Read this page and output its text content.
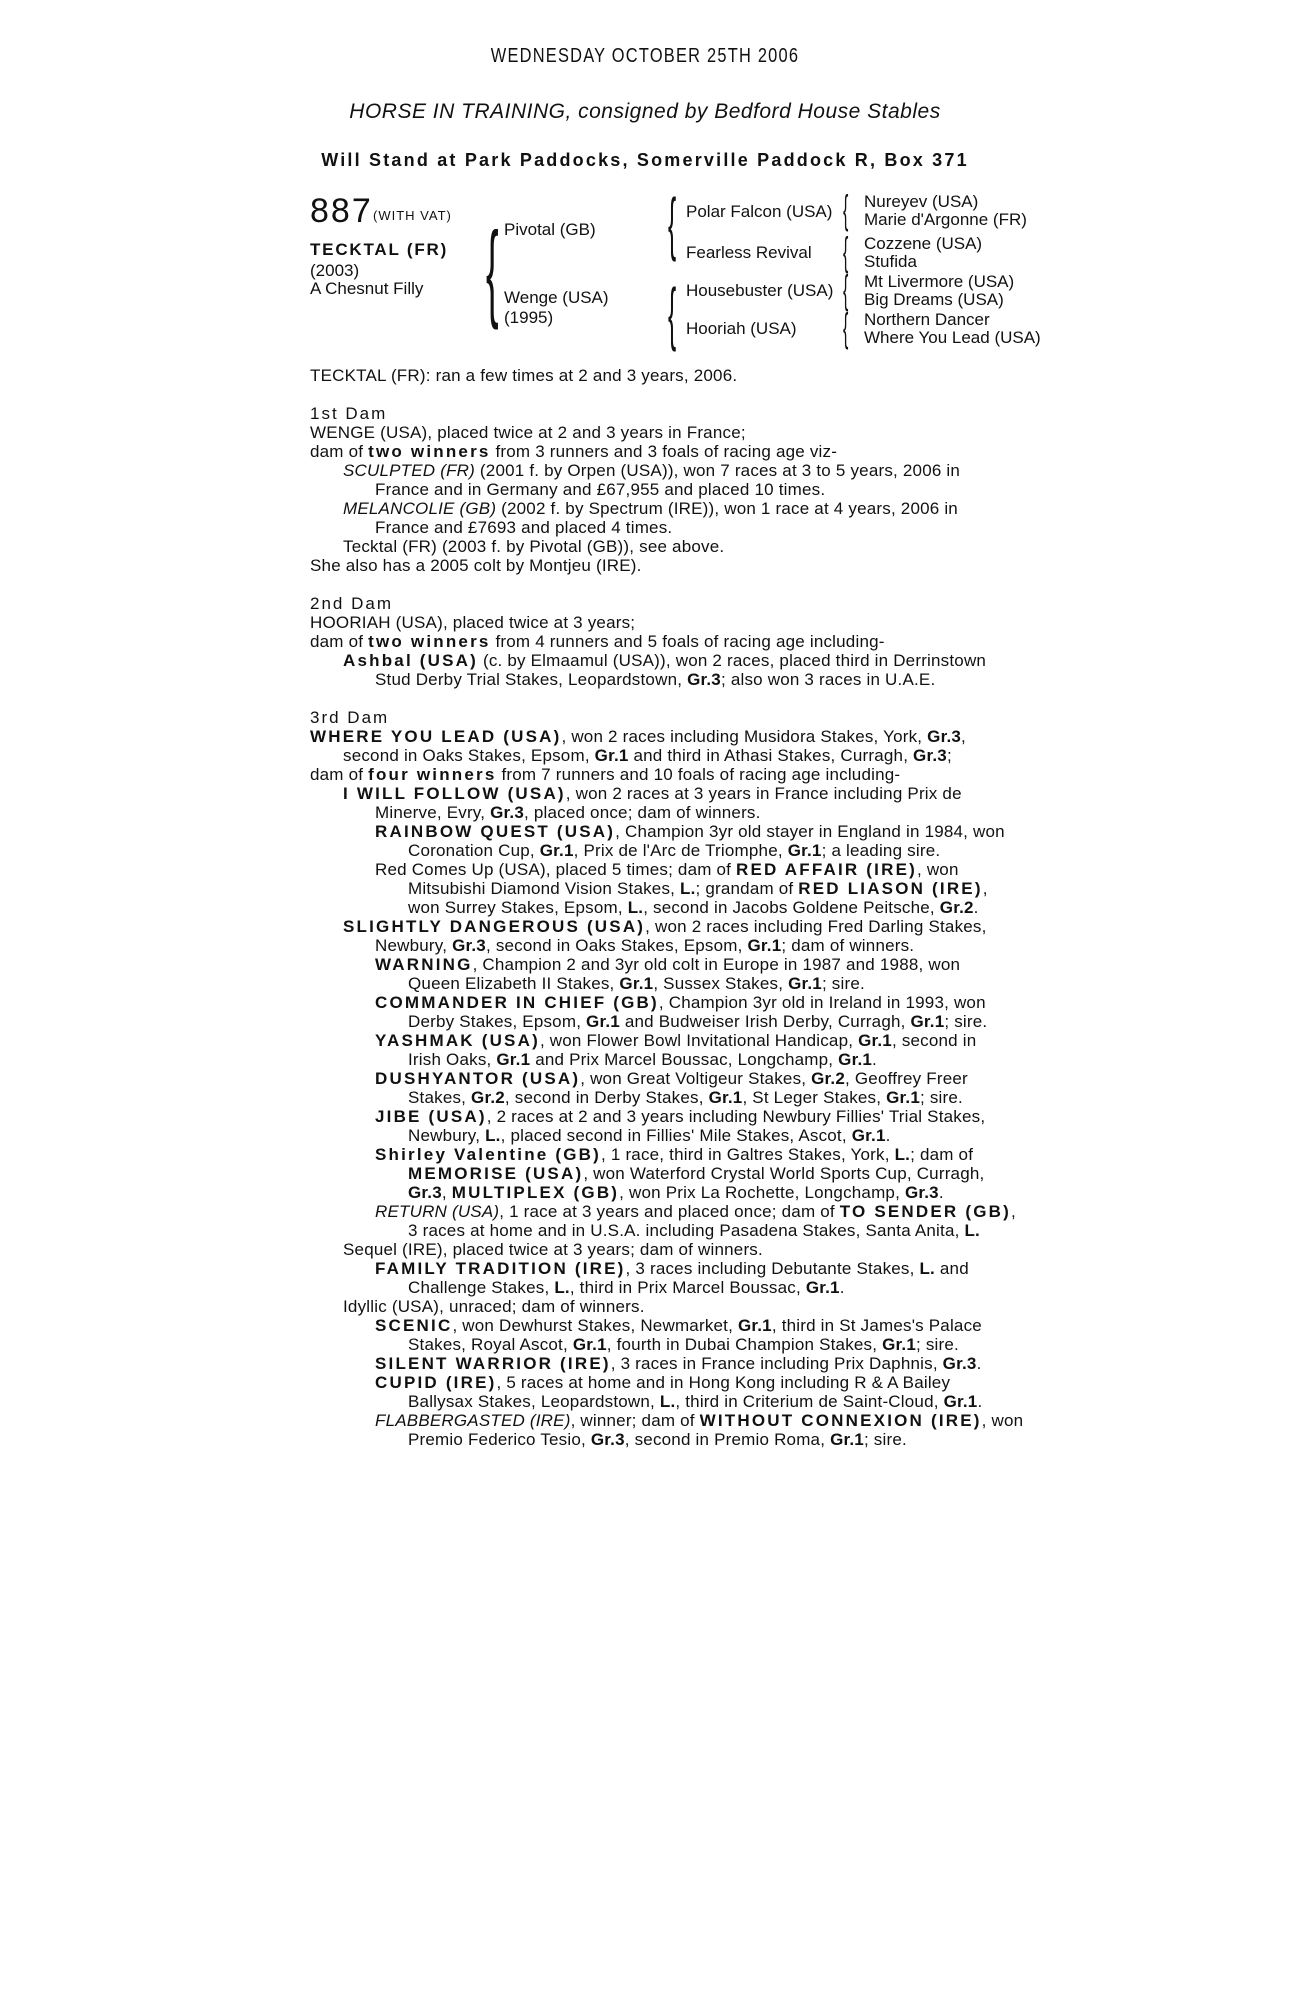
WEDNESDAY OCTOBER 25TH 2006
HORSE IN TRAINING, consigned by Bedford House Stables
Will Stand at Park Paddocks, Somerville Paddock R, Box 371
887 (WITH VAT)
TECKTAL (FR)
(2003)
A Chesnut Filly { Pivotal (GB)
Wenge (USA)
(1995)
{ Polar Falcon (USA)
Fearless Revival
{ Housebuster (USA)
Hooriah (USA)
{ Nureyev (USA)
Marie d'Argonne (FR)
{ Cozzene (USA)
Stufida
{ Mt Livermore (USA)
Big Dreams (USA)
{ Northern Dancer
Where You Lead (USA)
TECKTAL (FR): ran a few times at 2 and 3 years, 2006.
1st Dam
WENGE (USA), placed twice at 2 and 3 years in France;
dam of two winners from 3 runners and 3 foals of racing age viz-
SCULPTED (FR) (2001 f. by Orpen (USA)), won 7 races at 3 to 5 years, 2006 in
France and in Germany and £67,955 and placed 10 times.
MELANCOLIE (GB) (2002 f. by Spectrum (IRE)), won 1 race at 4 years, 2006 in
France and £7693 and placed 4 times.
Tecktal (FR) (2003 f. by Pivotal (GB)), see above.
She also has a 2005 colt by Montjeu (IRE).
2nd Dam
HOORIAH (USA), placed twice at 3 years;
dam of two winners from 4 runners and 5 foals of racing age including-
Ashbal (USA) (c. by Elmaamul (USA)), won 2 races, placed third in Derrinstown
Stud Derby Trial Stakes, Leopardstown, Gr.3; also won 3 races in U.A.E.
3rd Dam
WHERE YOU LEAD (USA), won 2 races including Musidora Stakes, York, Gr.3,
second in Oaks Stakes, Epsom, Gr.1 and third in Athasi Stakes, Curragh, Gr.3;
dam of four winners from 7 runners and 10 foals of racing age including-
I WILL FOLLOW (USA), won 2 races at 3 years in France including Prix de
Minerve, Evry, Gr.3, placed once; dam of winners.
RAINBOW QUEST (USA), Champion 3yr old stayer in England in 1984, won
Coronation Cup, Gr.1, Prix de l'Arc de Triomphe, Gr.1; a leading sire.
Red Comes Up (USA), placed 5 times; dam of RED AFFAIR (IRE), won
Mitsubishi Diamond Vision Stakes, L.; grandam of RED LIASON (IRE),
won Surrey Stakes, Epsom, L., second in Jacobs Goldene Peitsche, Gr.2.
SLIGHTLY DANGEROUS (USA), won 2 races including Fred Darling Stakes,
Newbury, Gr.3, second in Oaks Stakes, Epsom, Gr.1; dam of winners.
WARNING, Champion 2 and 3yr old colt in Europe in 1987 and 1988, won
Queen Elizabeth II Stakes, Gr.1, Sussex Stakes, Gr.1; sire.
COMMANDER IN CHIEF (GB), Champion 3yr old in Ireland in 1993, won
Derby Stakes, Epsom, Gr.1 and Budweiser Irish Derby, Curragh, Gr.1; sire.
YASHMAK (USA), won Flower Bowl Invitational Handicap, Gr.1, second in
Irish Oaks, Gr.1 and Prix Marcel Boussac, Longchamp, Gr.1.
DUSHYANTOR (USA), won Great Voltigeur Stakes, Gr.2, Geoffrey Freer
Stakes, Gr.2, second in Derby Stakes, Gr.1, St Leger Stakes, Gr.1; sire.
JIBE (USA), 2 races at 2 and 3 years including Newbury Fillies' Trial Stakes,
Newbury, L., placed second in Fillies' Mile Stakes, Ascot, Gr.1.
Shirley Valentine (GB), 1 race, third in Galtres Stakes, York, L.; dam of
MEMORISE (USA), won Waterford Crystal World Sports Cup, Curragh,
Gr.3, MULTIPLEX (GB), won Prix La Rochette, Longchamp, Gr.3.
RETURN (USA), 1 race at 3 years and placed once; dam of TO SENDER (GB),
3 races at home and in U.S.A. including Pasadena Stakes, Santa Anita, L.
Sequel (IRE), placed twice at 3 years; dam of winners.
FAMILY TRADITION (IRE), 3 races including Debutante Stakes, L. and
Challenge Stakes, L., third in Prix Marcel Boussac, Gr.1.
Idyllic (USA), unraced; dam of winners.
SCENIC, won Dewhurst Stakes, Newmarket, Gr.1, third in St James's Palace
Stakes, Royal Ascot, Gr.1, fourth in Dubai Champion Stakes, Gr.1; sire.
SILENT WARRIOR (IRE), 3 races in France including Prix Daphnis, Gr.3.
CUPID (IRE), 5 races at home and in Hong Kong including R & A Bailey
Ballysax Stakes, Leopardstown, L., third in Criterium de Saint-Cloud, Gr.1.
FLABBERGASTED (IRE), winner; dam of WITHOUT CONNEXION (IRE), won
Premio Federico Tesio, Gr.3, second in Premio Roma, Gr.1; sire.
